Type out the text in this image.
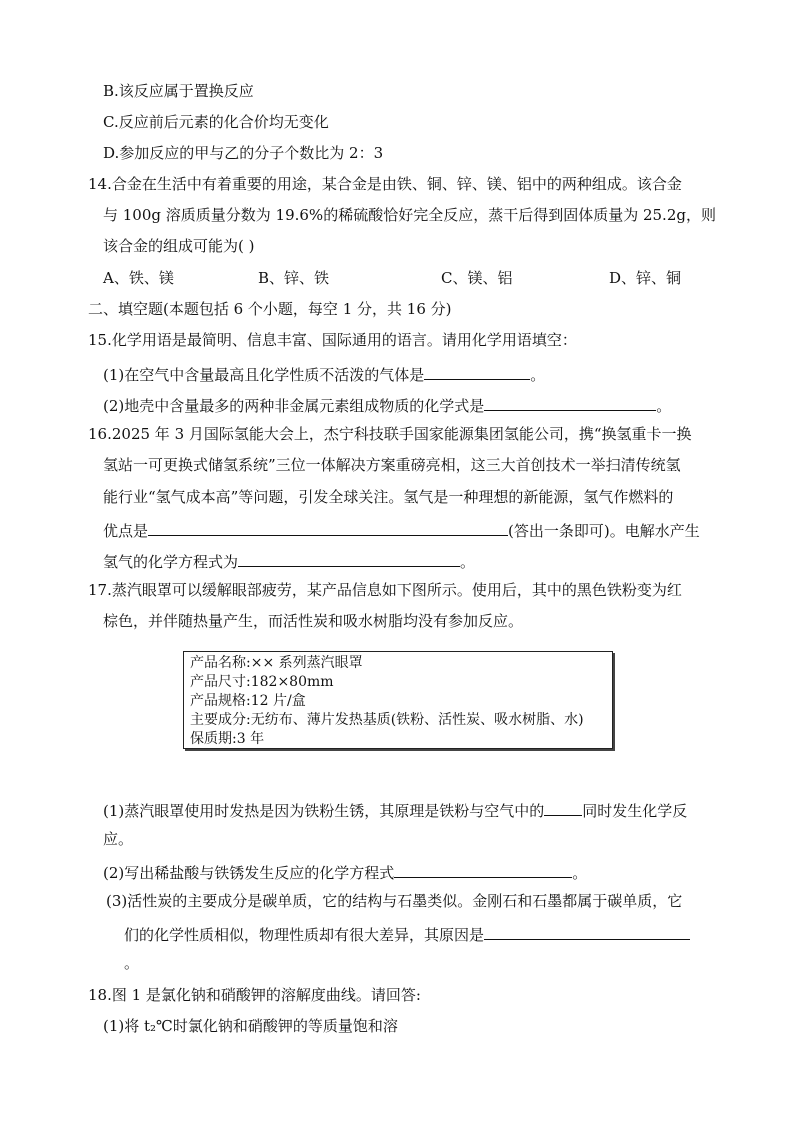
B.该反应属于置换反应
C.反应前后元素的化合价均无变化
D.参加反应的甲与乙的分子个数比为 2：3
14.合金在生活中有着重要的用途，某合金是由铁、铜、锌、镁、铝中的两种组成。该合金
与 100g 溶质质量分数为 19.6%的稀硫酸恰好完全反应，蒸干后得到固体质量为 25.2g，则
该合金的组成可能为( )
A、铁、镁	B、锌、铁	C、镁、铝	D、锌、铜
二、填空题(本题包括 6 个小题，每空 1 分，共 16 分)
15.化学用语是最简明、信息丰富、国际通用的语言。请用化学用语填空：
(1)在空气中含量最高且化学性质不活泼的气体是	。
(2)地壳中含量最多的两种非金属元素组成物质的化学式是	。
16.2025 年 3 月国际氢能大会上，杰宁科技联手国家能源集团氢能公司，携“换氢重卡一换
氢站一可更换式储氢系统”三位一体解决方案重磅亮相，这三大首创技术一举扫清传统氢
能行业“氢气成本高”等问题，引发全球关注。氢气是一种理想的新能源，氢气作燃料的
优点是	(答出一条即可)。电解水产生
氢气的化学方程式为	。
17.蒸汽眼罩可以缓解眼部疲劳，某产品信息如下图所示。使用后，其中的黑色铁粉变为红
棕色，并伴随热量产生，而活性炭和吸水树脂均没有参加反应。
产品名称:×× 系列蒸汽眼罩
产品尺寸:182×80mm
产品规格:12 片/盒
主要成分:无纺布、薄片发热基质(铁粉、活性炭、吸水树脂、水)
保质期:3 年
(1)蒸汽眼罩使用时发热是因为铁粉生锈，其原理是铁粉与空气中的	同时发生化学反
应。
(2)写出稀盐酸与铁锈发生反应的化学方程式	。
(3)活性炭的主要成分是碳单质，它的结构与石墨类似。金刚石和石墨都属于碳单质，它
们的化学性质相似，物理性质却有很大差异，其原因是
。
18.图 1 是氯化钠和硝酸钾的溶解度曲线。请回答:
(1)将 t₂℃时氯化钠和硝酸钾的等质量饱和溶
